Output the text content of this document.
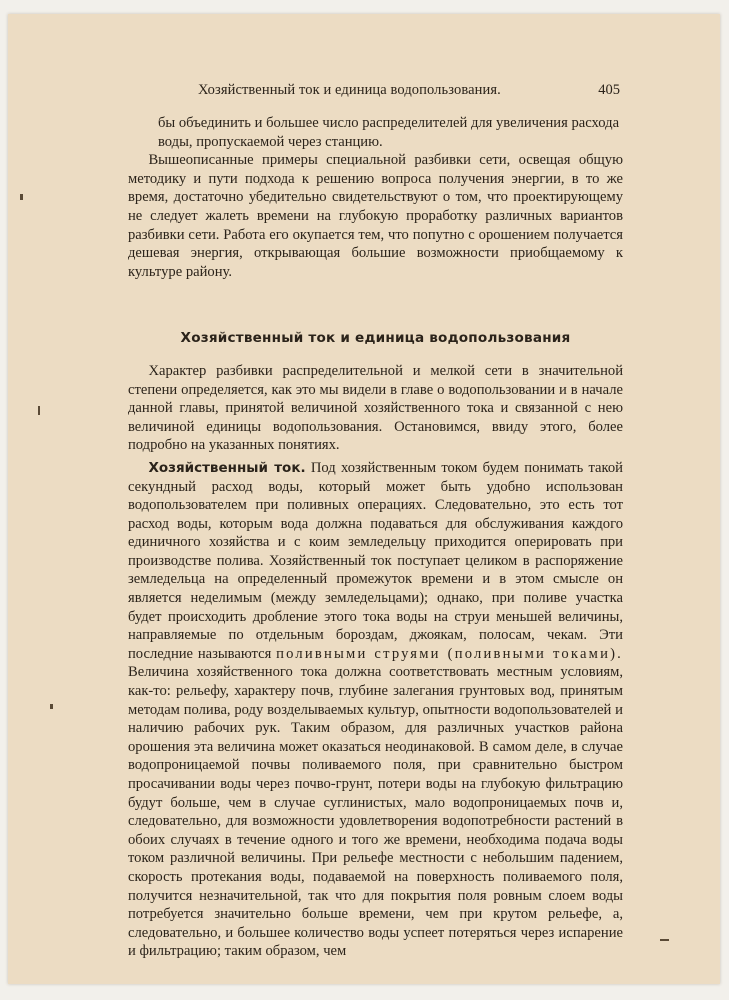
Хозяйственный ток и единица водопользования.	405

бы объединить и большее число распределителей для увеличения расхода воды, пропускаемой через станцию.

Вышеописанные примеры специальной разбивки сети, освещая общую методику и пути подхода к решению вопроса получения энергии, в то же время, достаточно убедительно свидетельствуют о том, что проектирующему не следует жалеть времени на глубокую проработку различных вариантов разбивки сети. Работа его окупается тем, что попутно с орошением получается дешевая энергия, открывающая большие возможности приобщаемому к культуре району.

Хозяйственный ток и единица водопользования

Характер разбивки распределительной и мелкой сети в значительной степени определяется, как это мы видели в главе о водопользовании и в начале данной главы, принятой величиной хозяйственного тока и связанной с нею величиной единицы водопользования. Остановимся, ввиду этого, более подробно на указанных понятиях.

Хозяйственный ток. Под хозяйственным током будем понимать такой секундный расход воды, который может быть удобно использован водопользователем при поливных операциях. Следовательно, это есть тот расход воды, которым вода должна подаваться для обслуживания каждого единичного хозяйства и с коим земледельцу приходится оперировать при производстве полива. Хозяйственный ток поступает целиком в распоряжение земледельца на определенный промежуток времени и в этом смысле он является неделимым (между земледельцами); однако, при поливе участка будет происходить дробление этого тока воды на струи меньшей величины, направляемые по отдельным бороздам, джоякам, полосам, чекам. Эти последние называются поливными струями (поливными токами). Величина хозяйственного тока должна соответствовать местным условиям, как-то: рельефу, характеру почв, глубине залегания грунтовых вод, принятым методам полива, роду возделываемых культур, опытности водопользователей и наличию рабочих рук. Таким образом, для различных участков района орошения эта величина может оказаться неодинаковой. В самом деле, в случае водопроницаемой почвы поливаемого поля, при сравнительно быстром просачивании воды через почво-грунт, потери воды на глубокую фильтрацию будут больше, чем в случае суглинистых, мало водопроницаемых почв и, следовательно, для возможности удовлетворения водопотребности растений в обоих случаях в течение одного и того же времени, необходима подача воды током различной величины. При рельефе местности с небольшим падением, скорость протекания воды, подаваемой на поверхность поливаемого поля, получится незначительной, так что для покрытия поля ровным слоем воды потребуется значительно больше времени, чем при крутом рельефе, а, следовательно, и большее количество воды успеет потеряться через испарение и фильтрацию; таким образом, чем
